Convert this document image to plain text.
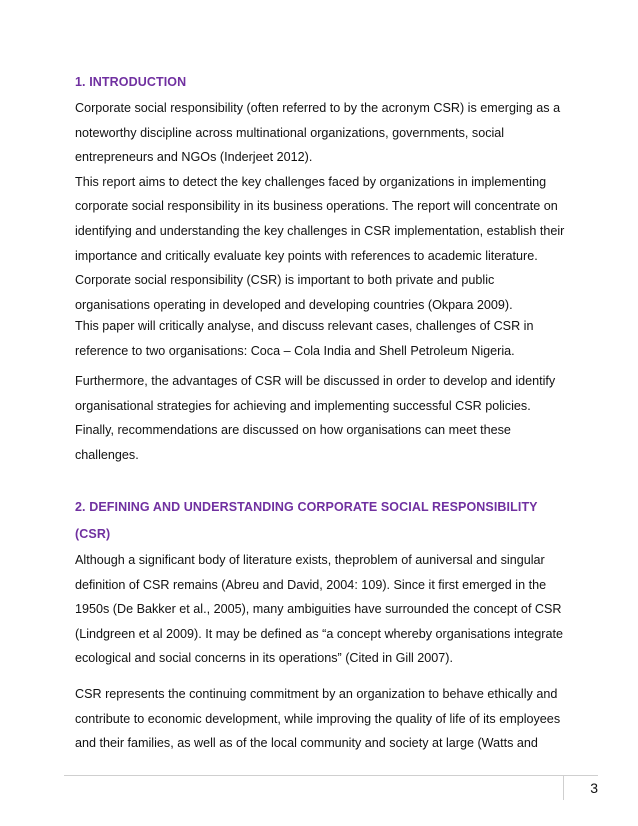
1. INTRODUCTION

Corporate social responsibility (often referred to by the acronym CSR) is emerging as a
noteworthy discipline across multinational organizations, governments, social
entrepreneurs and NGOs (Inderjeet 2012).
This report aims to detect the key challenges faced by organizations in implementing
corporate social responsibility in its business operations. The report will concentrate on
identifying and understanding the key challenges in CSR implementation, establish their
importance and critically evaluate key points with references to academic literature.
Corporate social responsibility (CSR) is important to both private and public
organisations operating in developed and developing countries (Okpara 2009).

This paper will critically analyse, and discuss relevant cases, challenges of CSR in
reference to two organisations: Coca – Cola India and Shell Petroleum Nigeria.

Furthermore, the advantages of CSR will be discussed in order to develop and identify
organisational strategies for achieving and implementing successful CSR policies.
Finally, recommendations are discussed on how organisations can meet these
challenges.

2. DEFINING AND UNDERSTANDING CORPORATE SOCIAL RESPONSIBILITY
(CSR)

Although a significant body of literature exists, theproblem of auniversal and singular
definition of CSR remains (Abreu and David, 2004: 109). Since it first emerged in the
1950s (De Bakker et al., 2005), many ambiguities have surrounded the concept of CSR
(Lindgreen et al 2009). It may be defined as “a concept whereby organisations integrate
ecological and social concerns in its operations” (Cited in Gill 2007).

CSR represents the continuing commitment by an organization to behave ethically and
contribute to economic development, while improving the quality of life of its employees
and their families, as well as of the local community and society at large (Watts and

3
